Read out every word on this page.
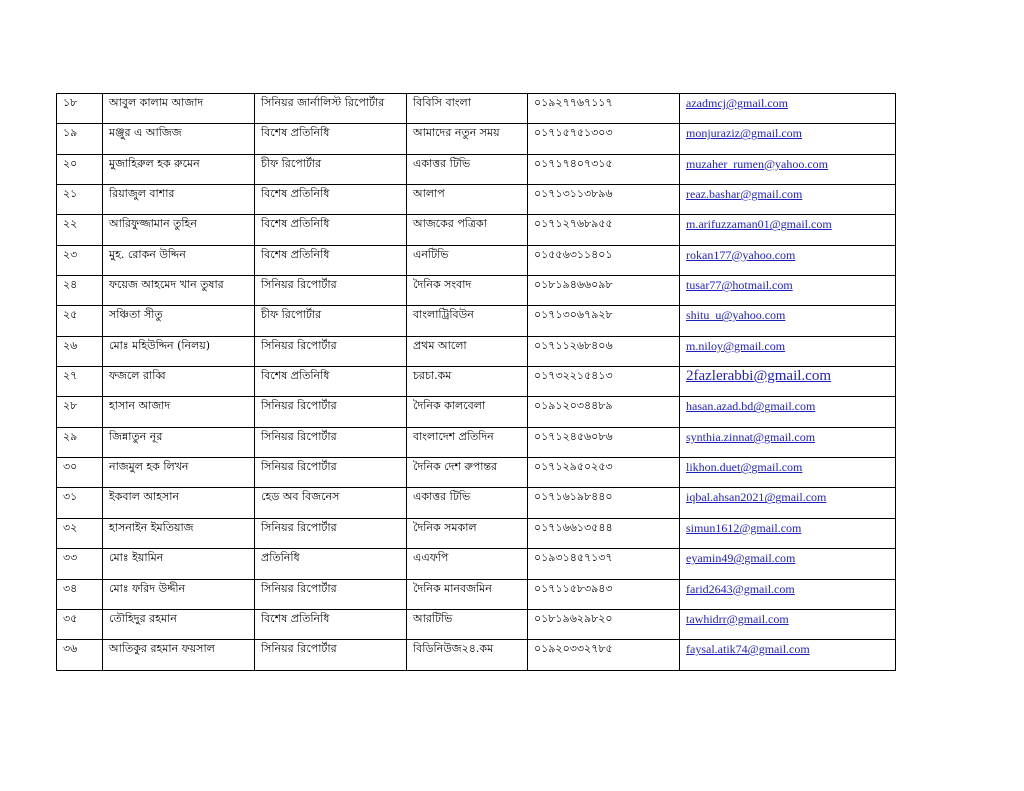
১৮	আবুল কালাম আজাদ	সিনিয়র জার্নালিস্ট রিপোর্টার	বিবিসি বাংলা	০১৯২৭৭৬৭১১৭	azadmcj@gmail.com
১৯	মঞ্জুর এ আজিজ	বিশেষ প্রতিনিধি	আমাদের নতুন সময়	০১৭১৫৭৫১৩০৩	monjuraziz@gmail.com
২০	মুজাহিরুল হক রুমেন	চীফ রিপোর্টার	একাত্তর টিভি	০১৭১৭৪০৭৩১৫	muzaher_rumen@yahoo.com
২১	রিয়াজুল বাশার	বিশেষ প্রতিনিধি	আলাপ	০১৭১৩১১৩৮৯৬	reaz.bashar@gmail.com
২২	আরিফুজ্জামান তুহিন	বিশেষ প্রতিনিধি	আজকের পত্রিকা	০১৭১২৭৬৮৯৫৫	m.arifuzzaman01@gmail.com
২৩	মুহ. রোকন উদ্দিন	বিশেষ প্রতিনিধি	এনটিভি	০১৫৫৬৩১১৪০১	rokan177@yahoo.com
২৪	ফয়েজ আহমেদ খান তুষার	সিনিয়র রিপোর্টার	দৈনিক সংবাদ	০১৮১৯৪৬৬০৯৮	tusar77@hotmail.com
২৫	সঞ্চিতা সীতু	চীফ রিপোর্টার	বাংলাট্রিবিউন	০১৭১৩০৬৭৯২৮	shitu_u@yahoo.com
২৬	মোঃ মহিউদ্দিন (নিলয়)	সিনিয়র রিপোর্টার	প্রথম আলো	০১৭১১২৬৮৪০৬	m.niloy@gmail.com
২৭	ফজলে রাব্বি	বিশেষ প্রতিনিধি	চরচা.কম	০১৭৩২২১৫৪১৩	2fazlerabbi@gmail.com
২৮	হাসান আজাদ	সিনিয়র রিপোর্টার	দৈনিক কালবেলা	০১৯১২০৩৪৪৮৯	hasan.azad.bd@gmail.com
২৯	জিন্নাতুন নূর	সিনিয়র রিপোর্টার	বাংলাদেশ প্রতিদিন	০১৭১২৪৫৬০৮৬	synthia.zinnat@gmail.com
৩০	নাজমুল হক লিখন	সিনিয়র রিপোর্টার	দৈনিক দেশ রুপান্তর	০১৭১২৯৫০২৫৩	likhon.duet@gmail.com
৩১	ইকবাল আহসান	হেড অব বিজনেস	একাত্তর টিভি	০১৭১৬১৯৮৪৪০	iqbal.ahsan2021@gmail.com
৩২	হাসনাইন ইমতিয়াজ	সিনিয়র রিপোর্টার	দৈনিক সমকাল	০১৭১৬৬১৩৫৪৪	simun1612@gmail.com
৩৩	মোঃ ইয়ামিন	প্রতিনিধি	এএফপি	০১৯৩১৪৫৭১৩৭	eyamin49@gmail.com
৩৪	মোঃ ফরিদ উদ্দীন	সিনিয়র রিপোর্টার	দৈনিক মানবজমিন	০১৭১১৫৮৩৯৪৩	farid2643@gmail.com
৩৫	তৌহিদুর রহমান	বিশেষ প্রতিনিধি	আরটিভি	০১৮১৯৬২৯৮২০	tawhidrr@gmail.com
৩৬	আতিকুর রহমান ফয়সাল	সিনিয়র রিপোর্টার	বিডিনিউজ২৪.কম	০১৯২০৩৩২৭৮৫	faysal.atik74@gmail.com
